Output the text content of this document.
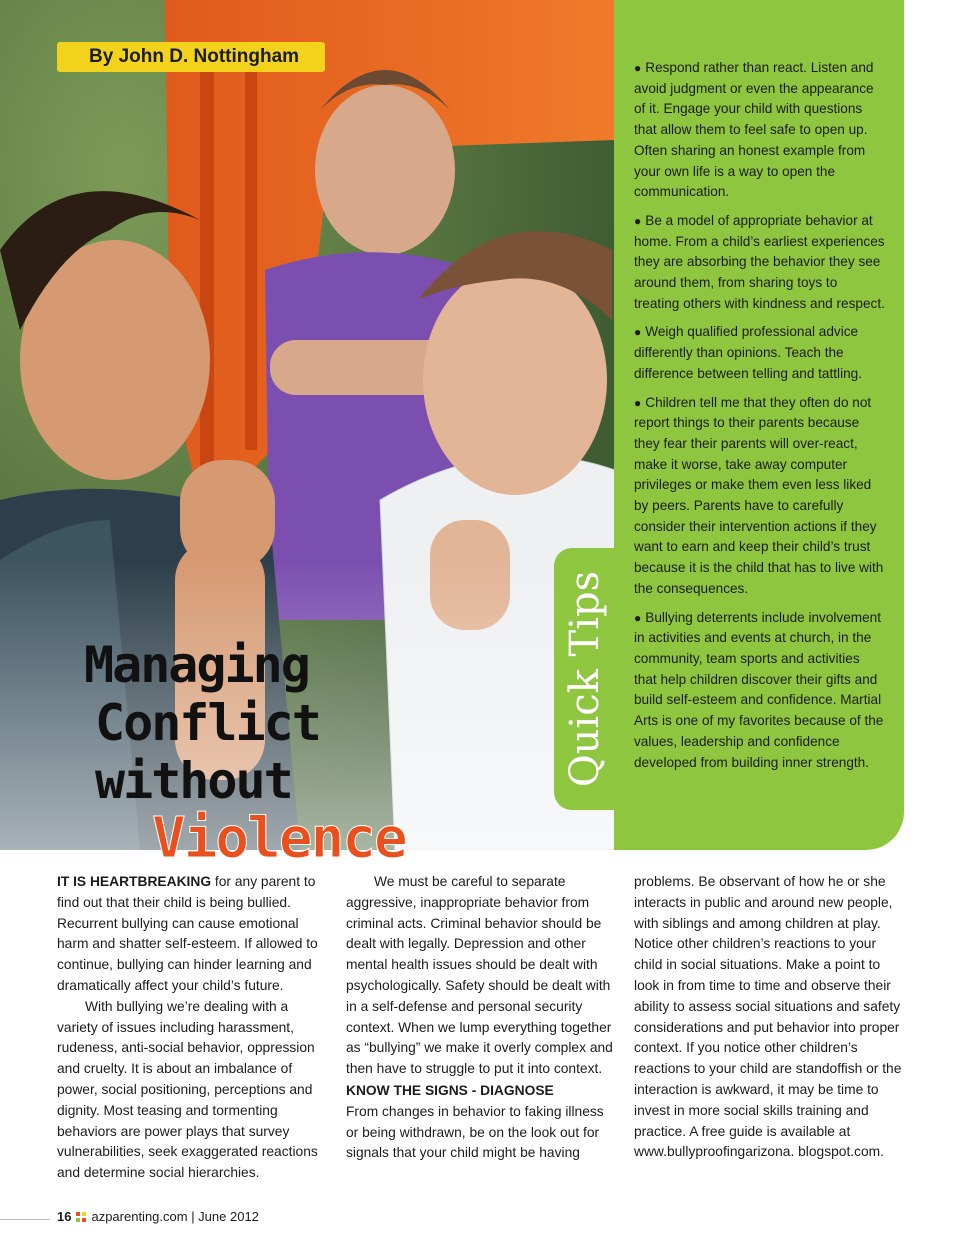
By John D. Nottingham
Managing
Conflict without
Violence
Quick Tips
● Respond rather than react. Listen and avoid judgment or even the appearance of it. Engage your child with questions that allow them to feel safe to open up. Often sharing an honest example from your own life is a way to open the communication.
● Be a model of appropriate behavior at home. From a child’s earliest experiences they are absorbing the behavior they see around them, from sharing toys to treating others with kindness and respect.
● Weigh qualified professional advice differently than opinions. Teach the difference between telling and tattling.
● Children tell me that they often do not report things to their parents because they fear their parents will over-react, make it worse, take away computer privileges or make them even less liked by peers. Parents have to carefully consider their intervention actions if they want to earn and keep their child’s trust because it is the child that has to live with the consequences.
● Bullying deterrents include involvement in activities and events at church, in the community, team sports and activities that help children discover their gifts and build self-esteem and confidence. Martial Arts is one of my favorites because of the values, leadership and confidence developed from building inner strength.

IT IS HEARTBREAKING for any parent to find out that their child is being bullied. Recurrent bullying can cause emotional harm and shatter self-esteem. If allowed to continue, bullying can hinder learning and dramatically affect your child’s future.

With bullying we’re dealing with a variety of issues including harassment, rudeness, anti-social behavior, oppression and cruelty. It is about an imbalance of power, social positioning, perceptions and dignity. Most teasing and tormenting behaviors are power plays that survey vulnerabilities, seek exaggerated reactions and determine social hierarchies.

We must be careful to separate aggressive, inappropriate behavior from criminal acts. Criminal behavior should be dealt with legally. Depression and other mental health issues should be dealt with psychologically. Safety should be dealt with in a self-defense and personal security context. When we lump everything together as “bullying” we make it overly complex and then have to struggle to put it into context.

KNOW THE SIGNS - DIAGNOSE

From changes in behavior to faking illness or being withdrawn, be on the look out for signals that your child might be having

problems. Be observant of how he or she interacts in public and around new people, with siblings and among children at play. Notice other children’s reactions to your child in social situations. Make a point to look in from time to time and observe their ability to assess social situations and safety considerations and put behavior into proper context. If you notice other children’s reactions to your child are standoffish or the interaction is awkward, it may be time to invest in more social skills training and practice. A free guide is available at www.bullyproofingarizona. blogspot.com.

16 azparenting.com | June 2012
